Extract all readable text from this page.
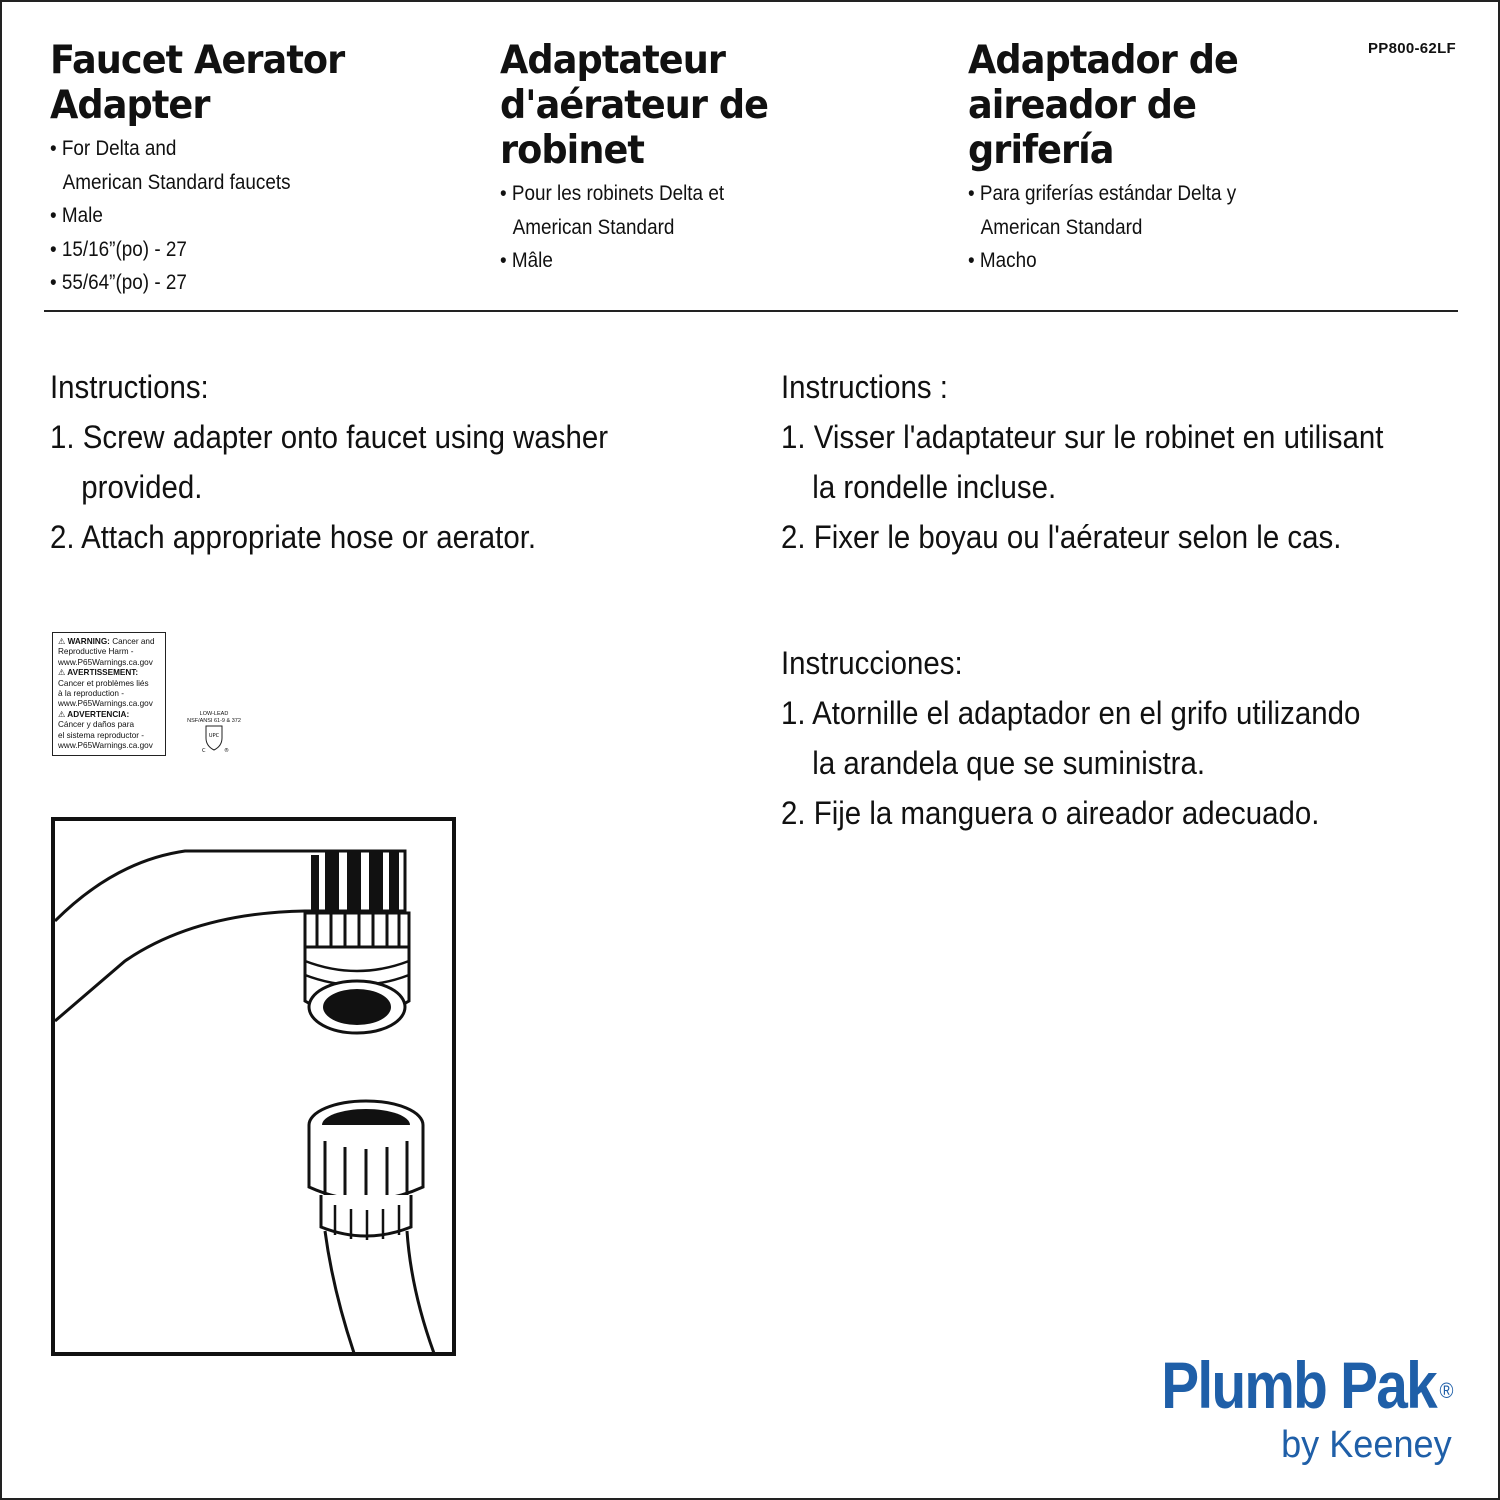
PP800-62LF
Faucet Aerator
Adapter
• For Delta and
American Standard faucets
• Male
• 15/16”(po) - 27
• 55/64”(po) - 27
Adaptateur
d'aérateur de
robinet
• Pour les robinets Delta et
American Standard
• Mâle
Adaptador de
aireador de
grifería
• Para griferías estándar Delta y
American Standard
• Macho
Instructions:
1. Screw adapter onto faucet using washer
provided.
2. Attach appropriate hose or aerator.
Instructions :
1. Visser l'adaptateur sur le robinet en utilisant
la rondelle incluse.
2. Fixer le boyau ou l'aérateur selon le cas.
Instrucciones:
1. Atornille el adaptador en el grifo utilizando
la arandela que se suministra.
2. Fije la manguera o aireador adecuado.
⚠ WARNING: Cancer and
Reproductive Harm -
www.P65Warnings.ca.gov
⚠ AVERTISSEMENT:
Cancer et problèmes liés
à la reproduction -
www.P65Warnings.ca.gov
⚠ ADVERTENCIA:
Cáncer y daños para
el sistema reproductor -
www.P65Warnings.ca.gov
LOW-LEAD
NSF/ANSI 61-9 & 372
UPC
C	®
Plumb Pak ®
by Keeney
